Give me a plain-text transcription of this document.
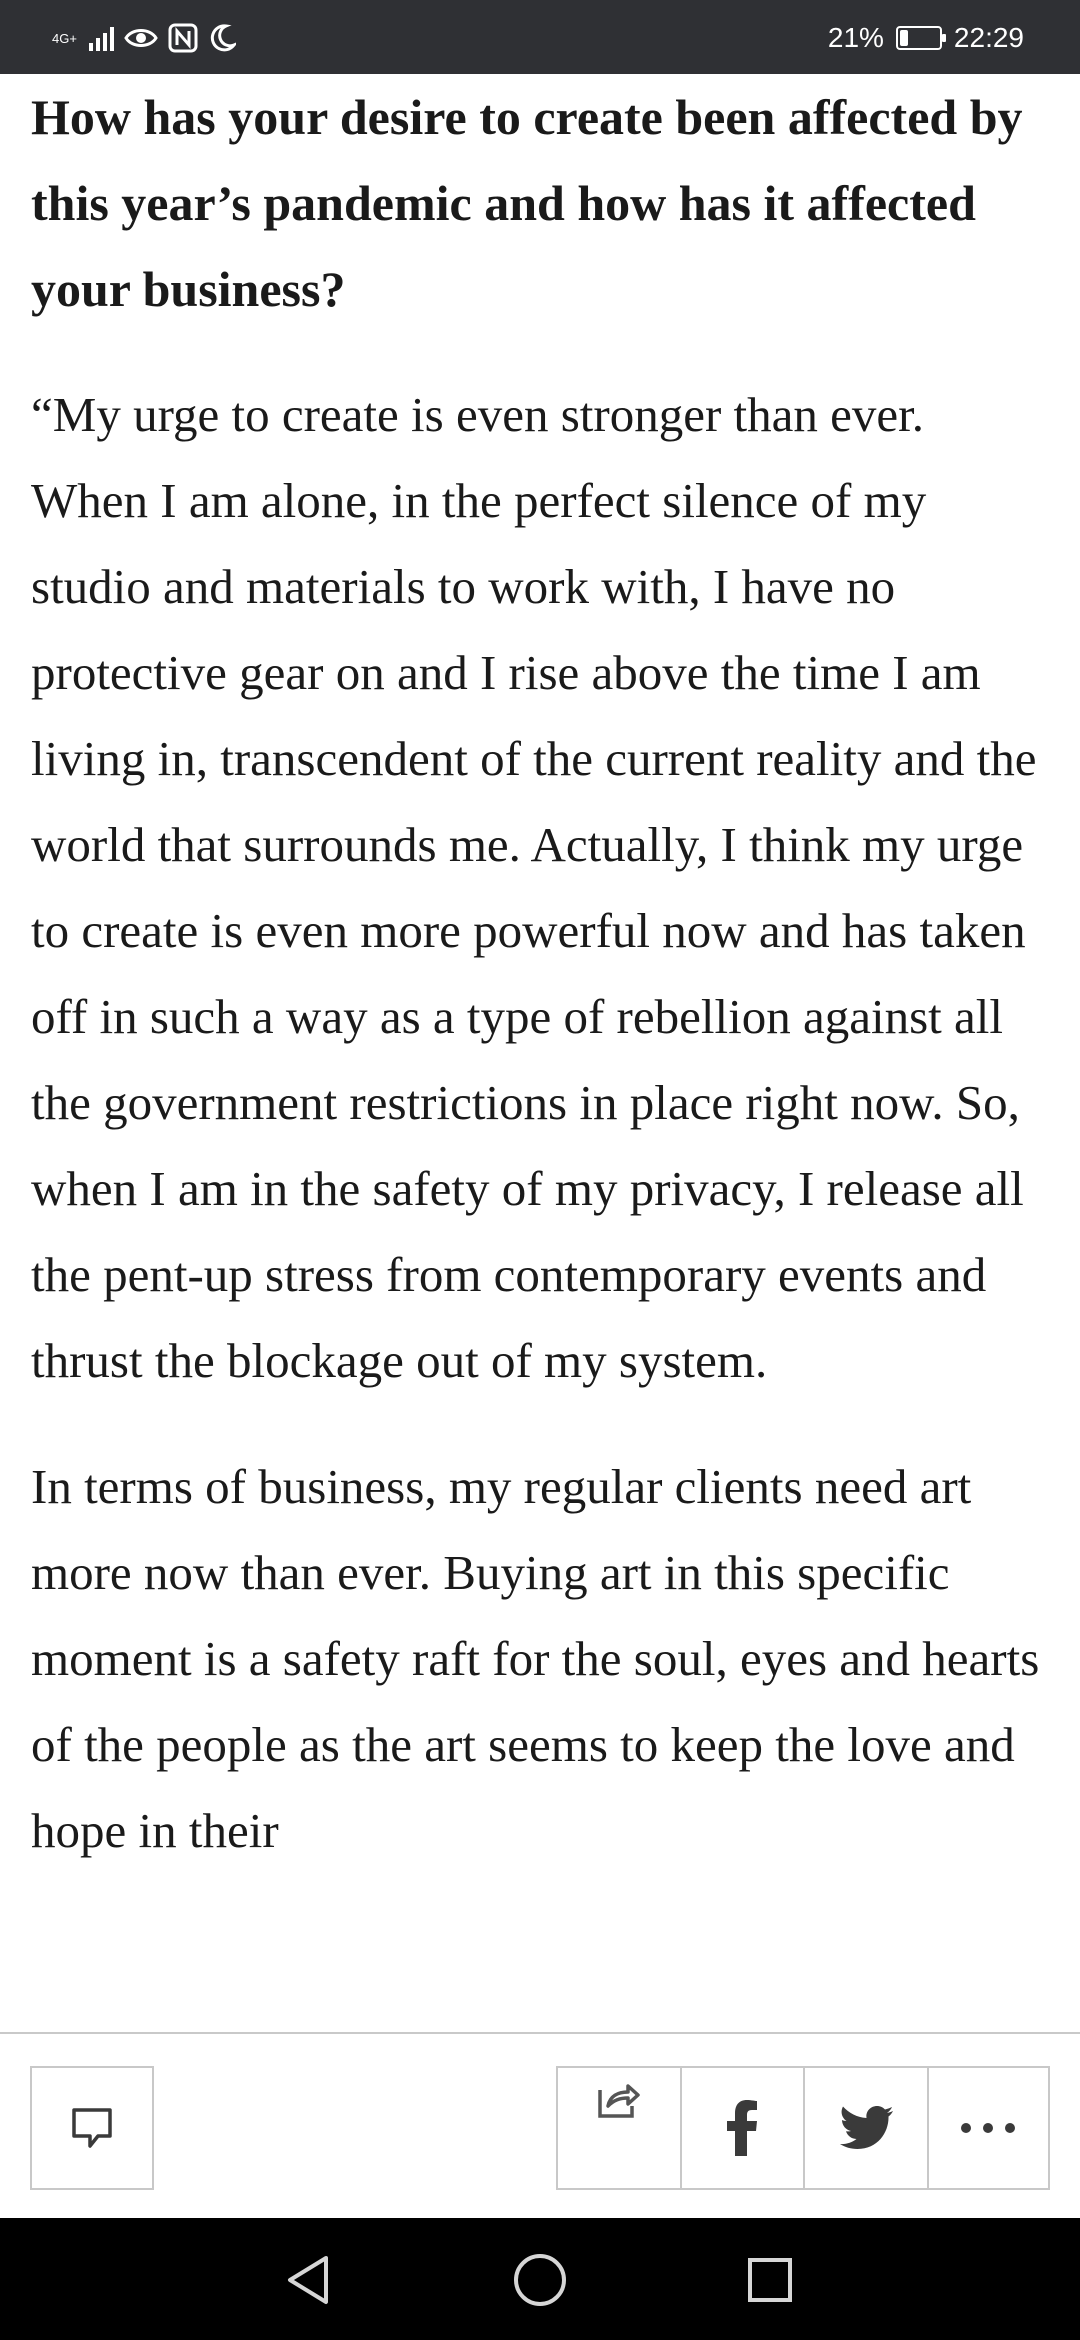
4G+	21%	22:29
How has your desire to create been affected by this year’s pandemic and how has it affected your business?

“My urge to create is even stronger than ever. When I am alone, in the perfect silence of my studio and materials to work with, I have no protective gear on and I rise above the time I am living in, transcendent of the current reality and the world that surrounds me. Actually, I think my urge to create is even more powerful now and has taken off in such a way as a type of rebellion against all the government restrictions in place right now. So, when I am in the safety of my privacy, I release all the pent-up stress from contemporary events and thrust the blockage out of my system.

In terms of business, my regular clients need art more now than ever. Buying art in this specific moment is a safety raft for the soul, eyes and hearts of the people as the art seems to keep the love and hope in their
